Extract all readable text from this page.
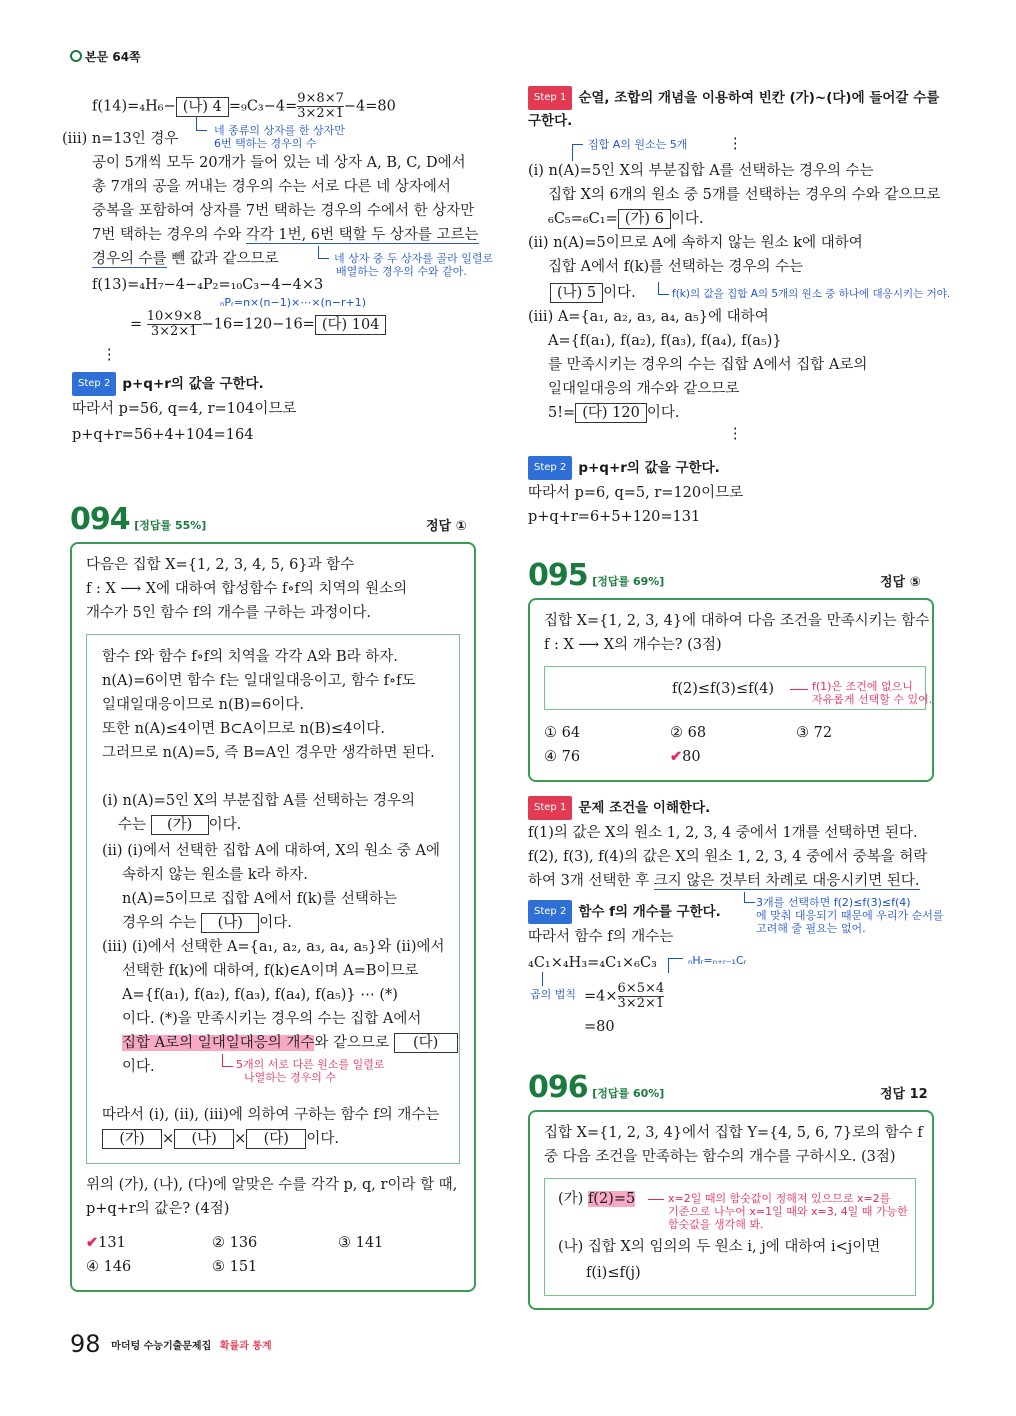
본문 64쪽
f(14)=₄H₆− (나) $4 =_9C_3-4= \frac{9\times 8\times 7}{3\times 2\times 1} -4=80$
네 종류의 상자를 한 상자만
6번 택하는 경우의 수
(ⅲ) n=13인 경우
공이 5개씩 모두 20개가 들어 있는 네 상자 A, B, C, D에서
총 7개의 공을 꺼내는 경우의 수는 서로 다른 네 상자에서
중복을 포함하여 상자를 7번 택하는 경우의 수에서 한 상자만
7번 택하는 경우의 수와 각각 1번, 6번 택할 두 상자를 고르는
경우의 수를 뺀 값과 같으므로	네 상자 중 두 상자를 골라 일렬로
배열하는 경우의 수와 같아.
f(13)=₄H₇−4−₄P₂=₁₀C₃−4−4×3
ₙPᵣ=n×(n−1)×⋯×(n−r+1)
= $\frac{10\times 9\times 8}{3\times 2\times 1} -16=120-16=$ (다) 104
⋮
Step 2 p+q+r의 값을 구한다.
따라서 p=56, q=4, r=104이므로
p+q+r=56+4+104=164
Step 1 순열, 조합의 개념을 이용하여 빈칸 (가)~(다)에 들어갈 수를
구한다.
집합 A의 원소는 5개	⋮
(ⅰ) n(A)=5인 X의 부분집합 A를 선택하는 경우의 수는
집합 X의 6개의 원소 중 5개를 선택하는 경우의 수와 같으므로
₆C₅=₆C₁= (가) 6 이다.
(ⅱ) n(A)=5이므로 A에 속하지 않는 원소 k에 대하여
집합 A에서 f(k)를 선택하는 경우의 수는
(나) 5 이다.	f(k)의 값을 집합 A의 5개의 원소 중 하나에 대응시키는 거야.
(ⅲ) A={a₁, a₂, a₃, a₄, a₅}에 대하여
A={f(a₁), f(a₂), f(a₃), f(a₄), f(a₅)}
를 만족시키는 경우의 수는 집합 A에서 집합 A로의
일대일대응의 개수와 같으므로
5!= (다) 120 이다.
⋮
Step 2 p+q+r의 값을 구한다.
따라서 p=6, q=5, r=120이므로
p+q+r=6+5+120=131
094 [정답률 55%]	정답 ①
다음은 집합 X={1, 2, 3, 4, 5, 6}과 함수
f : X ⟶ X에 대하여 합성함수 f∘f의 치역의 원소의
개수가 5인 함수 f의 개수를 구하는 과정이다.
함수 f와 함수 f∘f의 치역을 각각 A와 B라 하자.
n(A)=6이면 함수 f는 일대일대응이고, 함수 f∘f도
일대일대응이므로 n(B)=6이다.
또한 n(A)≤4이면 B⊂A이므로 n(B)≤4이다.
그러므로 n(A)=5, 즉 B=A인 경우만 생각하면 된다.
(ⅰ) n(A)=5인 X의 부분집합 A를 선택하는 경우의
수는 (가) 이다.
(ⅱ) (ⅰ)에서 선택한 집합 A에 대하여, X의 원소 중 A에
속하지 않는 원소를 k라 하자.
n(A)=5이므로 집합 A에서 f(k)를 선택하는
경우의 수는 (나) 이다.
(ⅲ) (ⅰ)에서 선택한 A={a₁, a₂, a₃, a₄, a₅}와 (ⅱ)에서
선택한 f(k)에 대하여, f(k)∈A이며 A=B이므로
A={f(a₁), f(a₂), f(a₃), f(a₄), f(a₅)} ⋯ (*)
이다. (*)을 만족시키는 경우의 수는 집합 A에서
집합 A로의 일대일대응의 개수와 같으므로 (다)
이다.	5개의 서로 다른 원소를 일렬로
나열하는 경우의 수
따라서 (ⅰ), (ⅱ), (ⅲ)에 의하여 구하는 함수 f의 개수는
(가) × (나) × (다) 이다.
위의 (가), (나), (다)에 알맞은 수를 각각 p, q, r이라 할 때,
p+q+r의 값은? (4점)
✔131	② 136	③ 141
④ 146	⑤ 151
095 [정답률 69%]	정답 ⑤
집합 X={1, 2, 3, 4}에 대하여 다음 조건을 만족시키는 함수
f : X ⟶ X의 개수는? (3점)
f(2)≤f(3)≤f(4)	f(1)은 조건에 없으니
자유롭게 선택할 수 있어.
① 64	② 68	③ 72
④ 76	✔80
Step 1 문제 조건을 이해한다.
f(1)의 값은 X의 원소 1, 2, 3, 4 중에서 1개를 선택하면 된다.
f(2), f(3), f(4)의 값은 X의 원소 1, 2, 3, 4 중에서 중복을 허락
하여 3개 선택한 후 크지 않은 것부터 차례로 대응시키면 된다.
3개를 선택하면 f(2)≤f(3)≤f(4)
에 맞춰 대응되기 때문에 우리가 순서를
고려해 줄 필요는 없어.
Step 2 함수 f의 개수를 구한다.
따라서 함수 f의 개수는
₄C₁×₄H₃=₄C₁×₆C₃	ₙHᵣ=ₙ₊ᵣ₋₁Cᵣ
곱의 법칙 $=4\times \frac{6\times 5\times 4}{3\times 2\times 1}$
=80
096 [정답률 60%]	정답 12
집합 X={1, 2, 3, 4}에서 집합 Y={4, 5, 6, 7}로의 함수 f
중 다음 조건을 만족하는 함수의 개수를 구하시오. (3점)
(가) f(2)=5	x=2일 때의 함숫값이 정해져 있으므로 x=2를
기준으로 나누어 x=1일 때와 x=3, 4일 때 가능한
함숫값을 생각해 봐.
(나) 집합 X의 임의의 두 원소 i, j에 대하여 i<j이면
f(i)≤f(j)
98 마더텅 수능기출문제집 확률과 통계
